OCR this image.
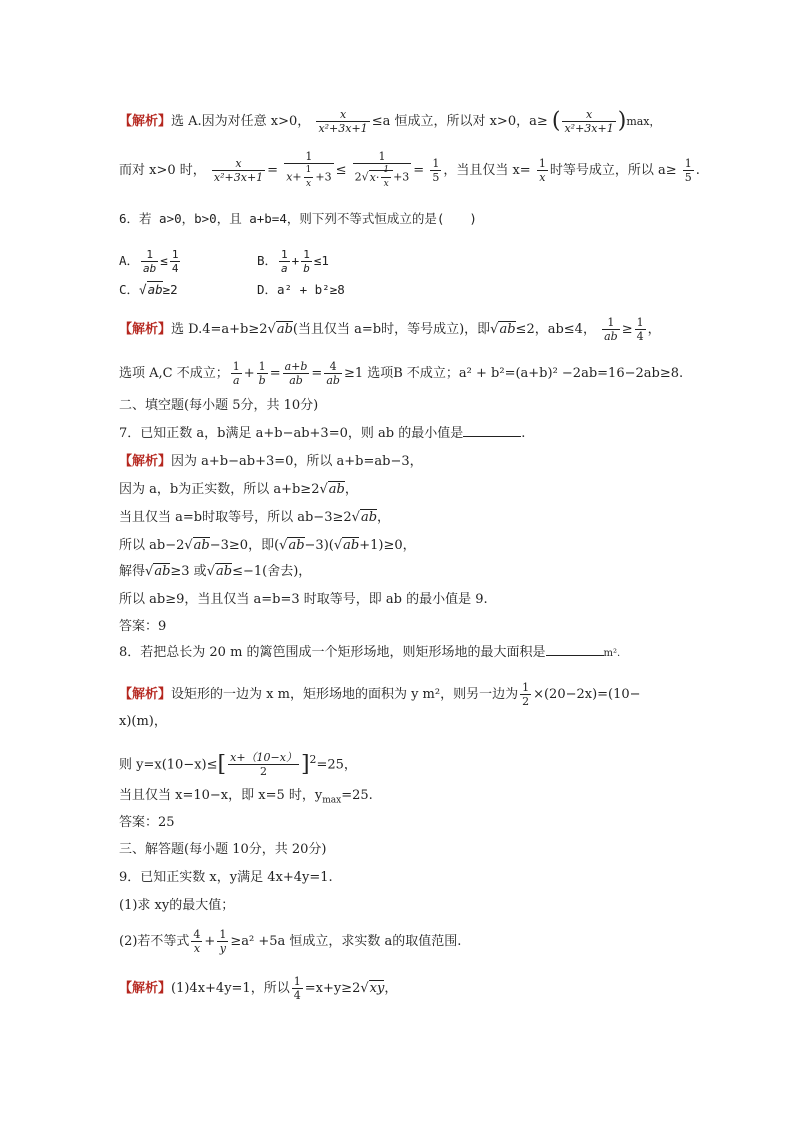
【解析】选 A.因为对任意 x>0， $\frac{x}{\text{x²+3x+1}} \le a$ 恒成立，所以对 x>0，a≥ ( $\frac{x}{\text{x²+3x+1}} )\max$，
而对 x>0 时， $\frac{x}{\text{x²+3x+1}} = \frac{1}{x+ \frac{1}{x} +3} \le \frac{1}{2√x\cdot \frac{1}{x} +3} = \frac{1}{5}$ ，当且仅当 $x= \frac{1}{x}$ 时等号成立，所以 $a\ge \frac{1}{5}$ .
6．若 a>0，b>0，且 a+b=4，则下列不等式恒成立的是(　　)
A． $\frac{1}{ab} \le \frac{1}{4}$	B． $\frac{1}{a} + \frac{1}{b} \le 1$
C．√ab≥2	D．a² + b²≥8
【解析】选 D.4=a+b≥2√ab(当且仅当 a=b时，等号成立)，即√ab≤2，ab≤4， $\frac{1}{ab} \ge \frac{1}{4}$ ，
选项 A,C 不成立； $\frac{1}{a} + \frac{1}{b} = \frac{a+b}{ab} = \frac{4}{ab} \ge 1$ 选项B 不成立；a² + b²=(a+b)² −2ab=16−2ab≥8.
二、填空题(每小题 5分，共 10分)
7．已知正数 a，b满足 a+b−ab+3=0，则 ab 的最小值是	.
【解析】因为 a+b−ab+3=0，所以 a+b=ab−3，
因为 a，b为正实数，所以 a+b≥2√ab，
当且仅当 a=b时取等号，所以 ab−3≥2√ab，
所以 ab−2√ab−3≥0，即(√ab−3)(√ab+1)≥0，
解得√ab≥3 或√ab≤−1(舍去)，
所以 ab≥9，当且仅当 a=b=3 时取等号，即 ab 的最小值是 9.
答案：9
8．若把总长为 20 m 的篱笆围成一个矩形场地，则矩形场地的最大面积是	m².
【解析】设矩形的一边为 x m，矩形场地的面积为 y m²，则另一边为 $\frac{1}{2} \times(20-2x)=(10-$
x)(m)，
则 $y=x(10-x)\le[ \frac{x+(10-x)}{2} ]^2=25$，
当且仅当 x=10−x，即 x=5 时，$y_{max}=25$.
答案：25
三、解答题(每小题 10分，共 20分)
9．已知正实数 x，y满足 4x+4y=1.
(1)求 xy的最大值；
(2)若不等式 $\frac{4}{x} + \frac{1}{y} \ge a^2 +5a$ 恒成立，求实数 a的取值范围.
【解析】(1)4x+4y=1，所以 $\frac{1}{4} =x+y\ge 2√xy$，
